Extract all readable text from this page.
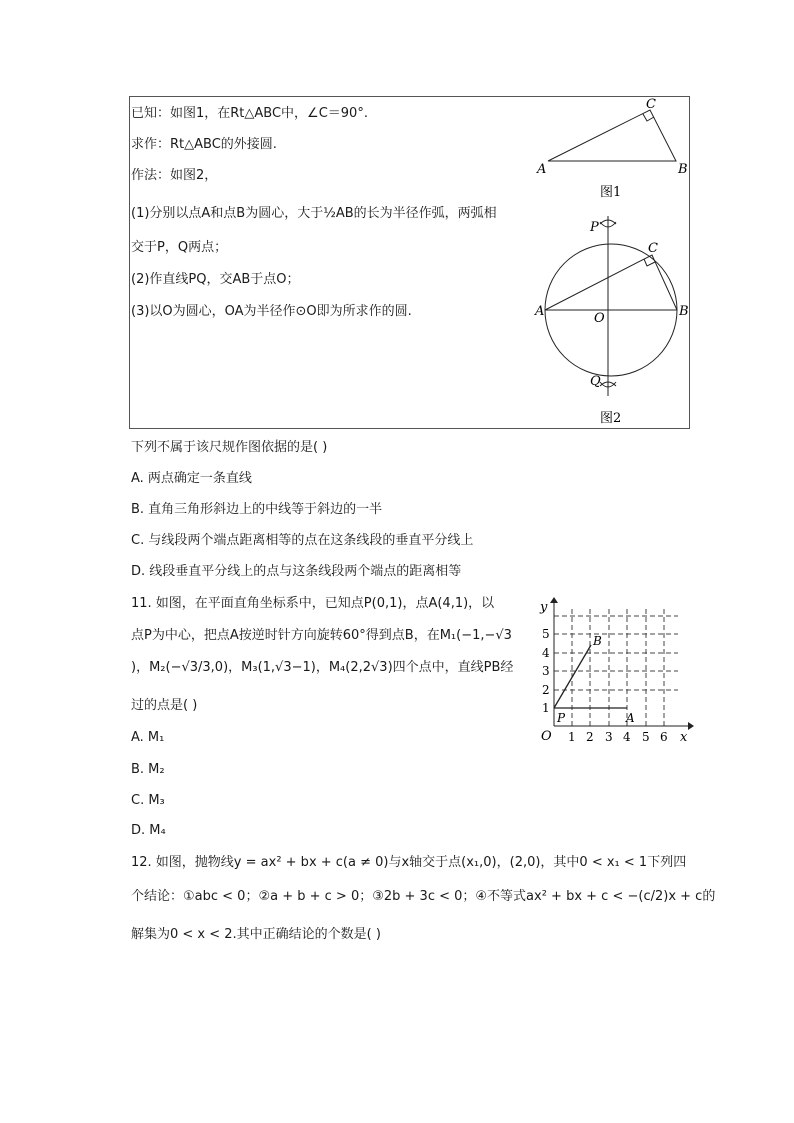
已知：如图1，在Rt△ABC中，∠C＝90°.
求作：Rt△ABC的外接圆.
作法：如图2，
(1)分别以点A和点B为圆心，大于½AB的长为半径作弧，两弧相
交于P，Q两点；
(2)作直线PQ，交AB于点O；
(3)以O为圆心，OA为半径作⊙O即为所求作的圆.
A	B
C
图1
A	B
C
O
P
Q
图2
下列不属于该尺规作图依据的是( )
A. 两点确定一条直线
B. 直角三角形斜边上的中线等于斜边的一半
C. 与线段两个端点距离相等的点在这条线段的垂直平分线上
D. 线段垂直平分线上的点与这条线段两个端点的距离相等
11. 如图，在平面直角坐标系中，已知点P(0,1)，点A(4,1)，以
点P为中心，把点A按逆时针方向旋转60°得到点B，在M₁(−1,−√3
)，M₂(−√3/3,0)，M₃(1,√3−1)，M₄(2,2√3)四个点中，直线PB经
过的点是( )
A. M₁
B. M₂
C. M₃
D. M₄
y
x
O 1 2 3 4 5 6
1
2
3
4
5
P	A
B
12. 如图，抛物线y = ax² + bx + c(a ≠ 0)与x轴交于点(x₁,0)，(2,0)，其中0 < x₁ < 1下列四
个结论：①abc < 0；②a + b + c > 0；③2b + 3c < 0；④不等式ax² + bx + c < −(c/2)x + c的
解集为0 < x < 2.其中正确结论的个数是( )
